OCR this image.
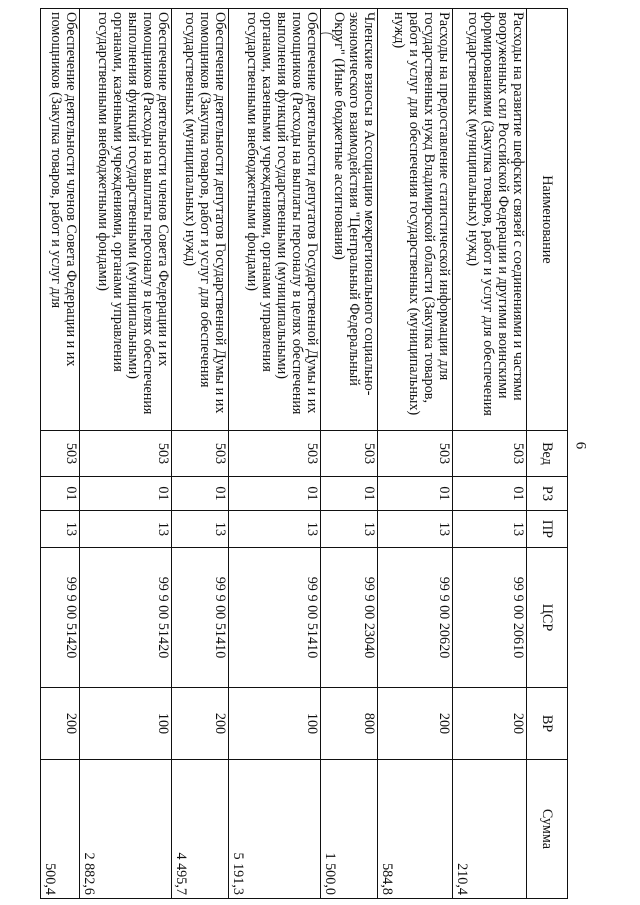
6
Наименование	Вед	РЗ	ПР	ЦСР	ВР	Сумма
Расходы на развитие шефских связей с соединениями и частями вооруженных сил Российской Федерации и другими воинскими формированиями (Закупка товаров, работ и услуг для обеспечения государственных (муниципальных) нужд)	503	01	13	99 9 00 20610	200	210,4
Расходы на предоставление статистической информации для государственных нужд Владимирской области (Закупка товаров, работ и услуг для обеспечения государственных (муниципальных) нужд)	503	01	13	99 9 00 20620	200	584,8
Членские взносы в Ассоциацию межрегионального социально-экономического взаимодействия "Центральный Федеральный Округ" (Иные бюджетные ассигнования)	503	01	13	99 9 00 23040	800	1 500,0
Обеспечение деятельности депутатов Государственной Думы и их помощников (Расходы на выплаты персоналу в целях обеспечения выполнения функций государственными (муниципальными) органами, казенными учреждениями, органами управления государственными внебюджетными фондами)	503	01	13	99 9 00 51410	100	5 191,3
Обеспечение деятельности депутатов Государственной Думы и их помощников (Закупка товаров, работ и услуг для обеспечения государственных (муниципальных) нужд)	503	01	13	99 9 00 51410	200	4 495,7
Обеспечение деятельности членов Совета Федерации и их помощников (Расходы на выплаты персоналу в целях обеспечения выполнения функций государственными (муниципальными) органами, казенными учреждениями, органами управления государственными внебюджетными фондами)	503	01	13	99 9 00 51420	100	2 882,6
Обеспечение деятельности членов Совета Федерации и их помощников (Закупка товаров, работ и услуг для	503	01	13	99 9 00 51420	200	500,4
